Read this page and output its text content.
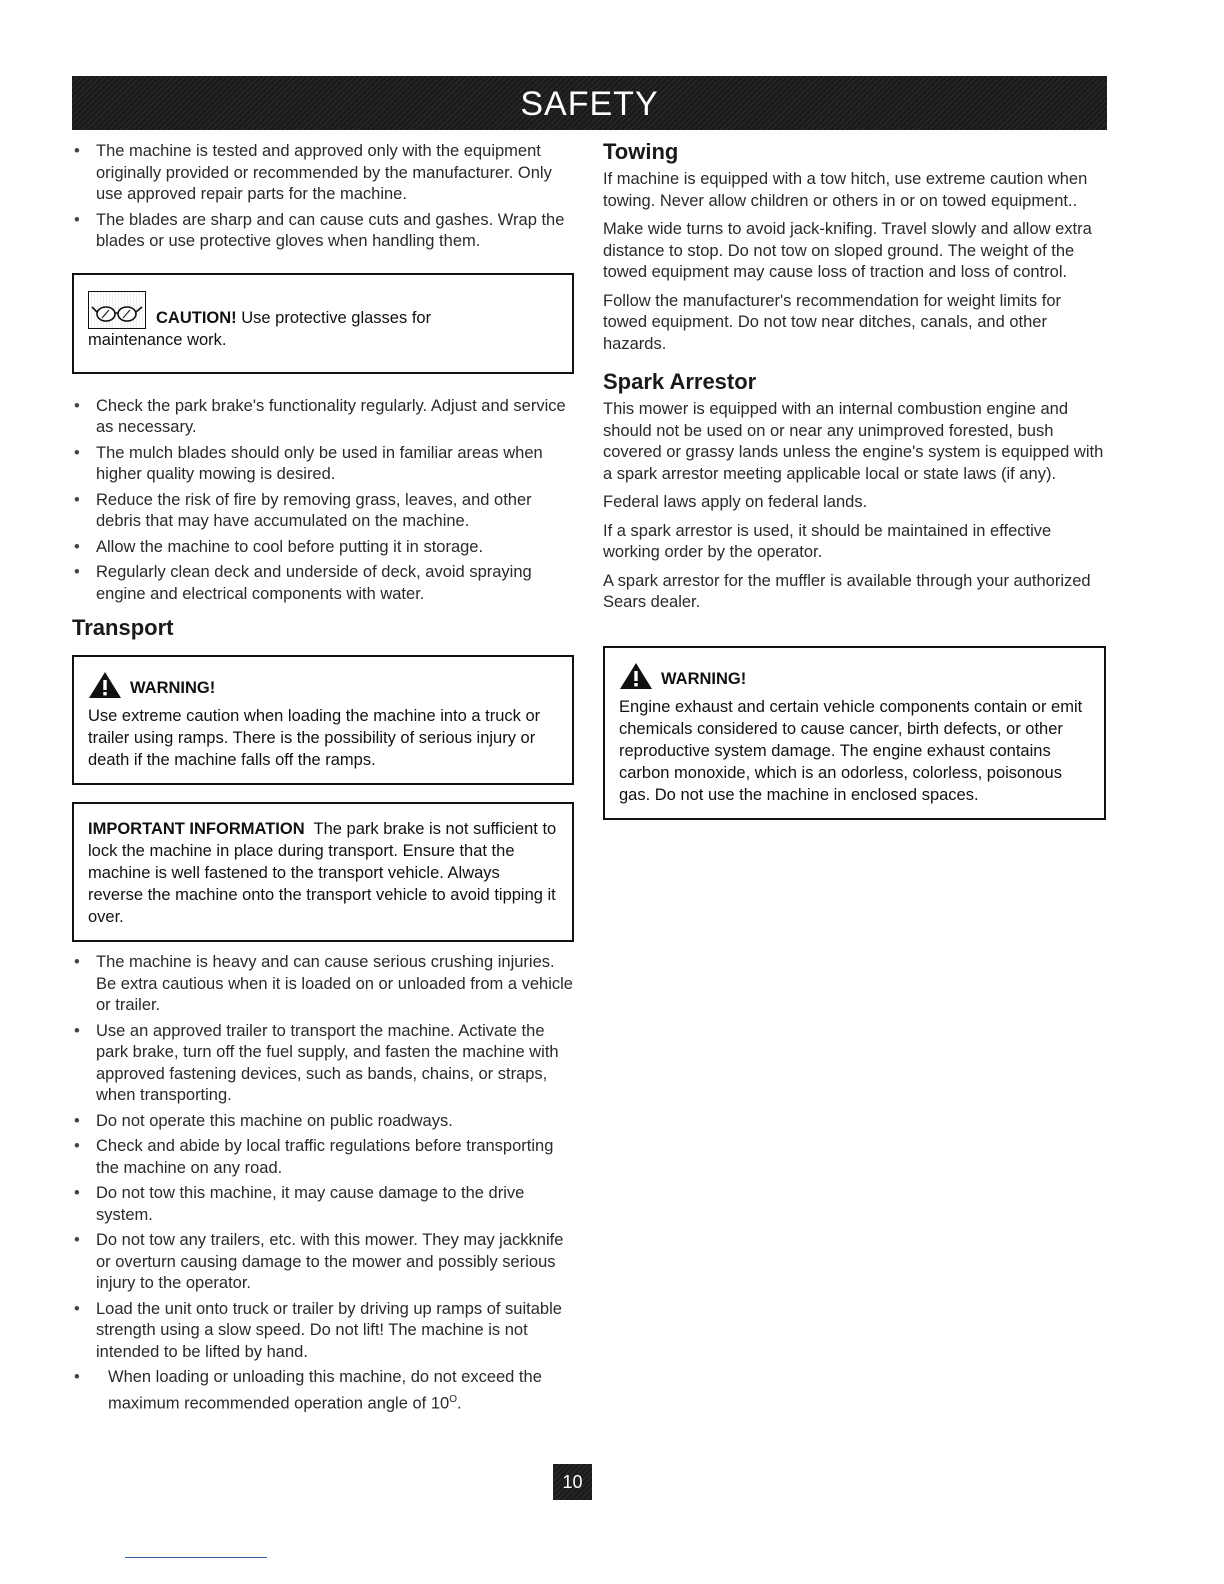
SAFETY
• The machine is tested and approved only with the equipment originally provided or recommended by the manufacturer. Only use approved repair parts for the machine.
• The blades are sharp and can cause cuts and gashes. Wrap the blades or use protective gloves when handling them.
CAUTION! Use protective glasses for
maintenance work.
• Check the park brake's functionality regularly. Adjust and service as necessary.
• The mulch blades should only be used in familiar areas when higher quality mowing is desired.
• Reduce the risk of fire by removing grass, leaves, and other debris that may have accumulated on the machine.
• Allow the machine to cool before putting it in storage.
• Regularly clean deck and underside of deck, avoid spraying engine and electrical components with water.
Transport
WARNING!
Use extreme caution when loading the machine into a truck or trailer using ramps. There is the possibility of serious injury or death if the machine falls off the ramps.
IMPORTANT INFORMATION The park brake is not sufficient to lock the machine in place during transport. Ensure that the machine is well fastened to the transport vehicle. Always reverse the machine onto the transport vehicle to avoid tipping it over.
• The machine is heavy and can cause serious crushing injuries. Be extra cautious when it is loaded on or unloaded from a vehicle or trailer.
• Use an approved trailer to transport the machine. Activate the park brake, turn off the fuel supply, and fasten the machine with approved fastening devices, such as bands, chains, or straps, when transporting.
• Do not operate this machine on public roadways.
• Check and abide by local traffic regulations before transporting the machine on any road.
• Do not tow this machine, it may cause damage to the drive system.
• Do not tow any trailers, etc. with this mower. They may jackknife or overturn causing damage to the mower and possibly serious injury to the operator.
• Load the unit onto truck or trailer by driving up ramps of suitable strength using a slow speed. Do not lift! The machine is not intended to be lifted by hand.
• When loading or unloading this machine, do not exceed the maximum recommended operation angle of $10^O$.
Towing

If machine is equipped with a tow hitch, use extreme caution when towing. Never allow children or others in or on towed equipment..

Make wide turns to avoid jack-knifing. Travel slowly and allow extra distance to stop. Do not tow on sloped ground. The weight of the towed equipment may cause loss of traction and loss of control.

Follow the manufacturer's recommendation for weight limits for towed equipment. Do not tow near ditches, canals, and other hazards.

Spark Arrestor

This mower is equipped with an internal combustion engine and should not be used on or near any unimproved forested, bush covered or grassy lands unless the engine's system is equipped with a spark arrestor meeting applicable local or state laws (if any).

Federal laws apply on federal lands.

If a spark arrestor is used, it should be maintained in effective working order by the operator.

A spark arrestor for the muffler is available through your authorized Sears dealer.

WARNING!
Engine exhaust and certain vehicle components contain or emit chemicals considered to cause cancer, birth defects, or other reproductive system damage. The engine exhaust contains carbon monoxide, which is an odorless, colorless, poisonous gas. Do not use the machine in enclosed spaces.
10
